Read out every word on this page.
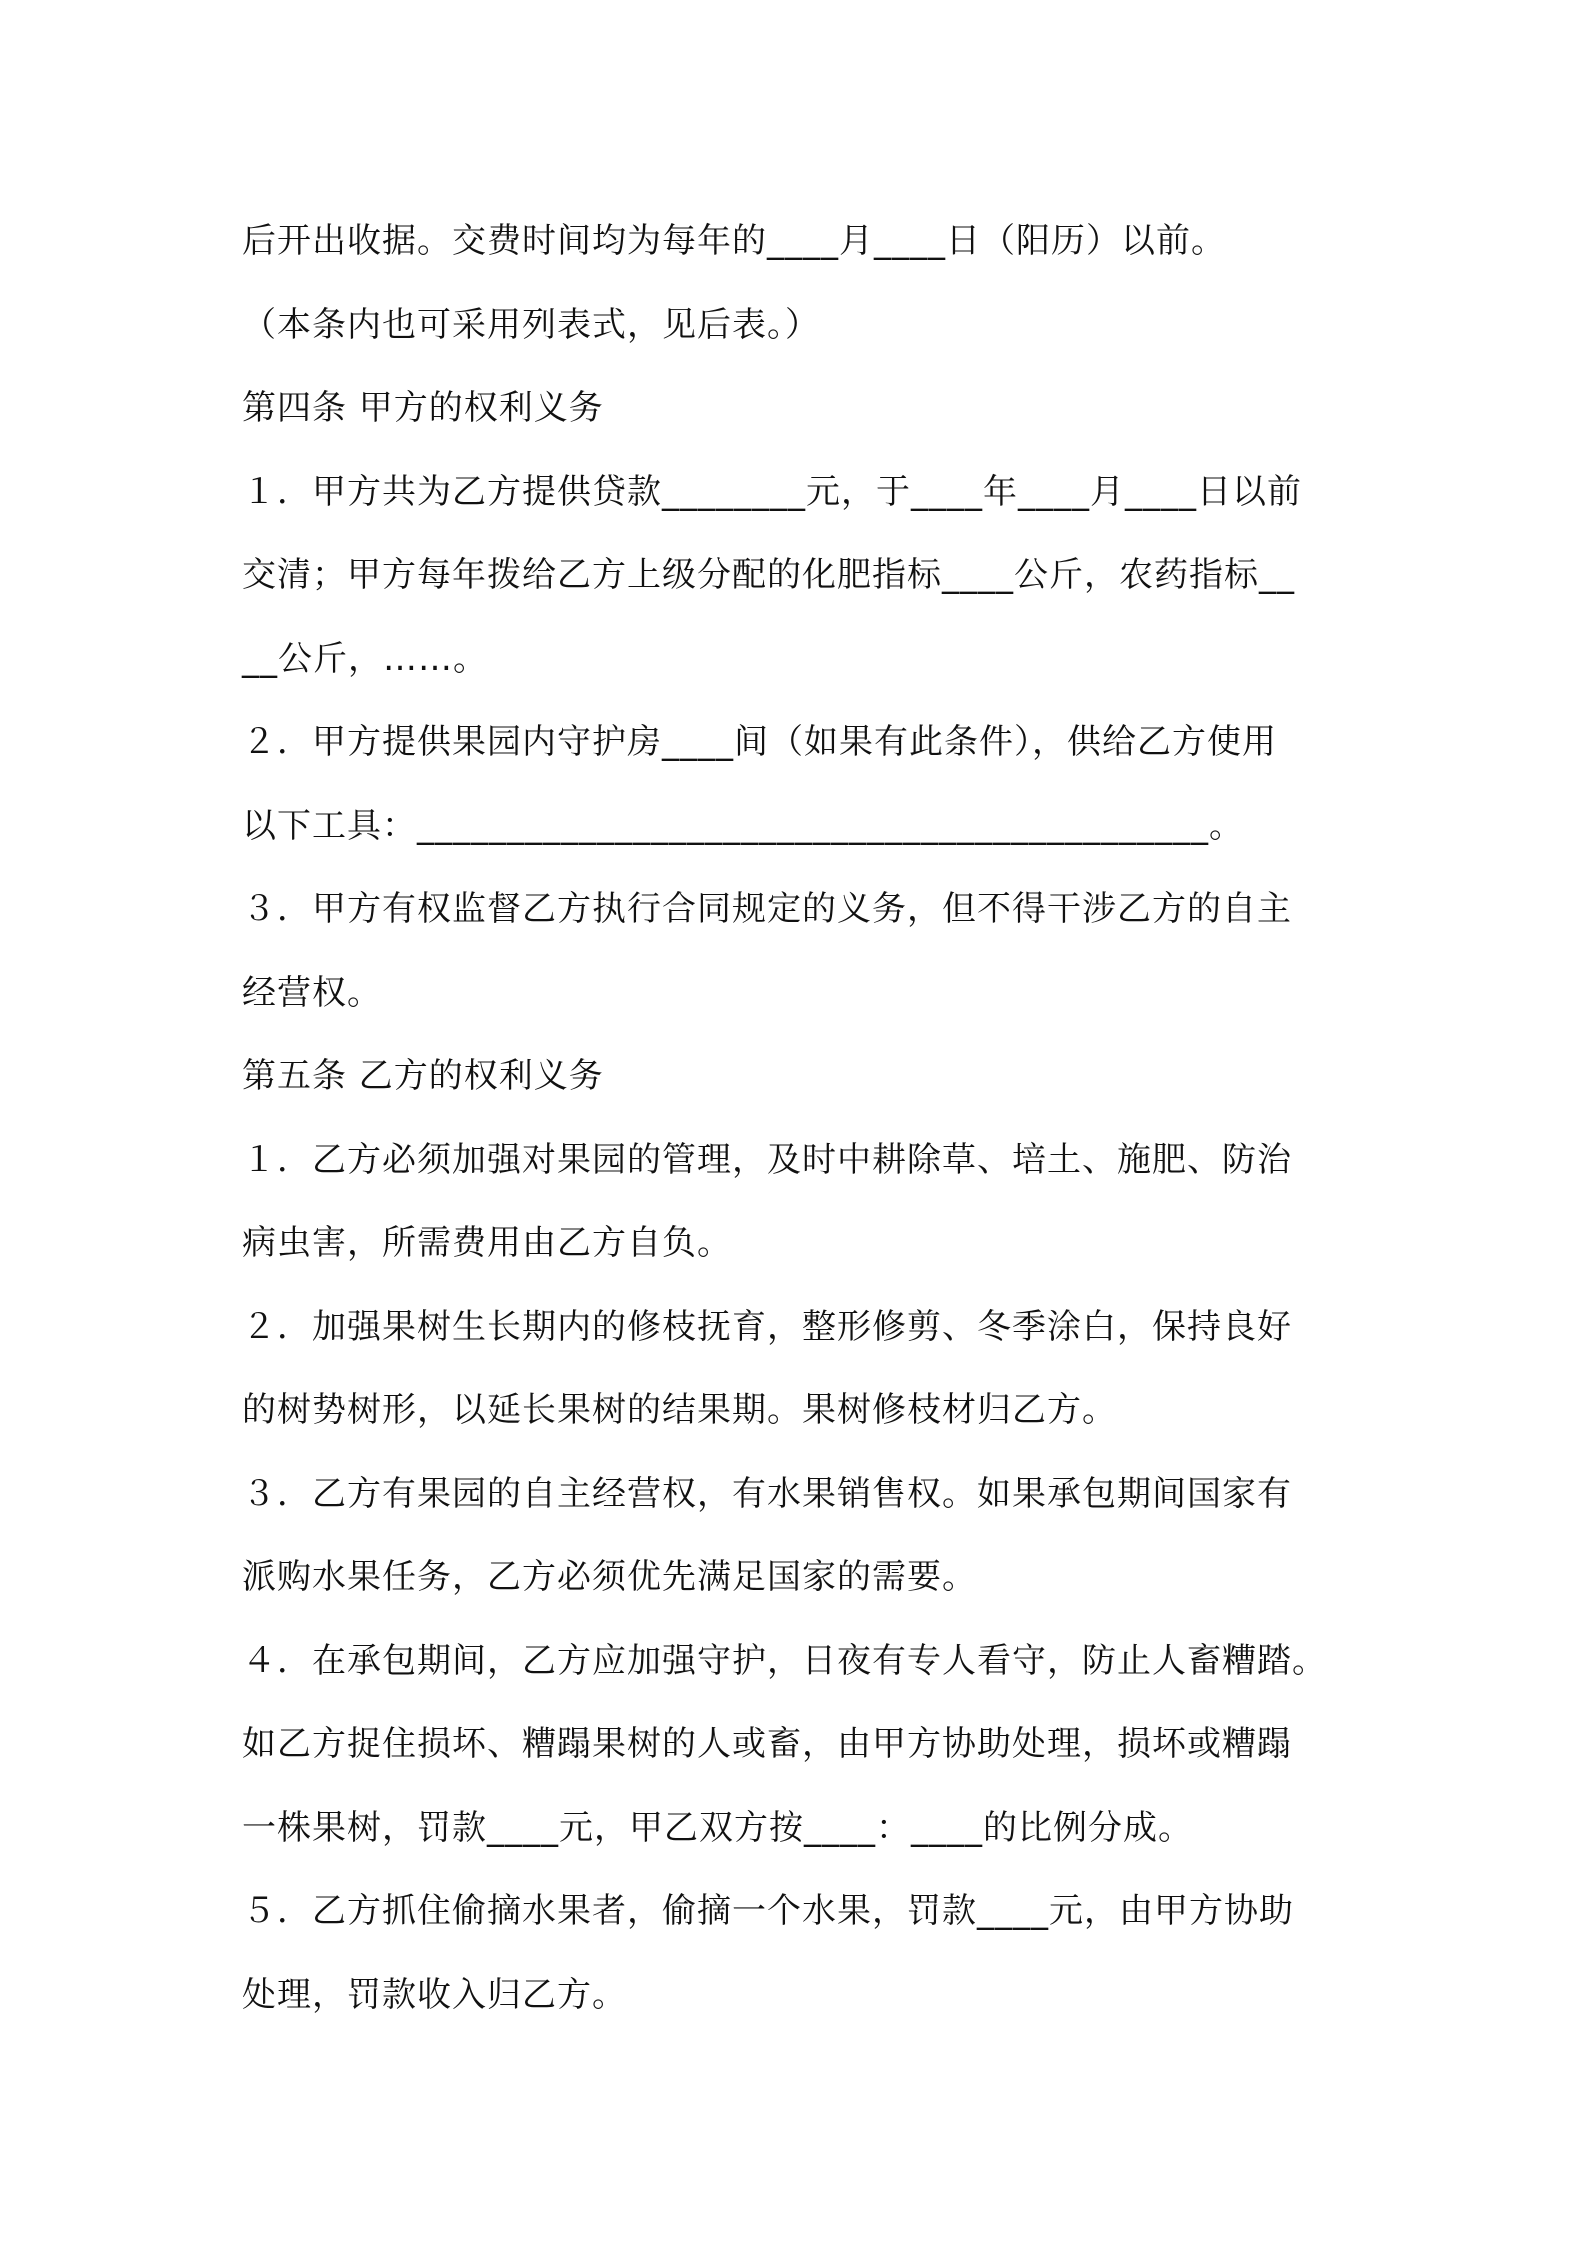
后开出收据。交费时间均为每年的____月____日（阳历）以前。
（本条内也可采用列表式，见后表。）
第四条 甲方的权利义务
１．甲方共为乙方提供贷款________元，于____年____月____日以前
交清；甲方每年拨给乙方上级分配的化肥指标____公斤，农药指标__
__公斤，……。
２．甲方提供果园内守护房____间（如果有此条件），供给乙方使用
以下工具：____________________________________________。
３．甲方有权监督乙方执行合同规定的义务，但不得干涉乙方的自主
经营权。
第五条 乙方的权利义务
１．乙方必须加强对果园的管理，及时中耕除草、培土、施肥、防治
病虫害，所需费用由乙方自负。
２．加强果树生长期内的修枝抚育，整形修剪、冬季涂白，保持良好
的树势树形，以延长果树的结果期。果树修枝材归乙方。
３．乙方有果园的自主经营权，有水果销售权。如果承包期间国家有
派购水果任务，乙方必须优先满足国家的需要。
４．在承包期间，乙方应加强守护，日夜有专人看守，防止人畜糟踏。
如乙方捉住损坏、糟蹋果树的人或畜，由甲方协助处理，损坏或糟蹋
一株果树，罚款____元，甲乙双方按____：____的比例分成。
５．乙方抓住偷摘水果者，偷摘一个水果，罚款____元，由甲方协助
处理，罚款收入归乙方。
